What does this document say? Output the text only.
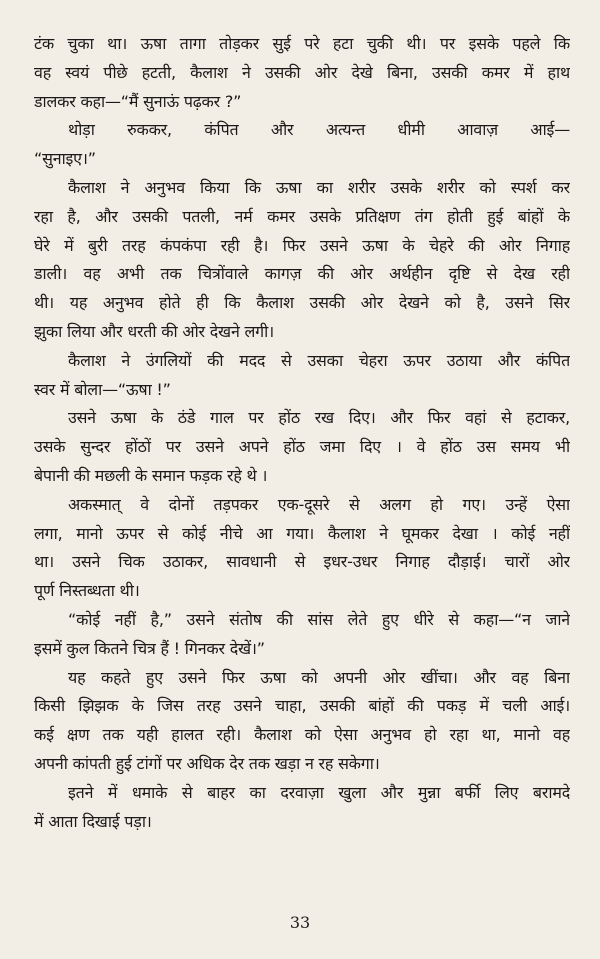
टंक चुका था। ऊषा तागा तोड़कर सुई परे हटा चुकी थी। पर इसके पहले कि
वह स्वयं पीछे हटती, कैलाश ने उसकी ओर देखे बिना, उसकी कमर में हाथ
डालकर कहा—“मैं सुनाऊं पढ़कर ?”
थोड़ा रुककर, कंपित और अत्यन्त धीमी आवाज़ आई—
“सुनाइए।”
कैलाश ने अनुभव किया कि ऊषा का शरीर उसके शरीर को स्पर्श कर
रहा है, और उसकी पतली, नर्म कमर उसके प्रतिक्षण तंग होती हुई बांहों के
घेरे में बुरी तरह कंपकंपा रही है। फिर उसने ऊषा के चेहरे की ओर निगाह
डाली। वह अभी तक चित्रोंवाले कागज़ की ओर अर्थहीन दृष्टि से देख रही
थी। यह अनुभव होते ही कि कैलाश उसकी ओर देखने को है, उसने सिर
झुका लिया और धरती की ओर देखने लगी।
कैलाश ने उंगलियों की मदद से उसका चेहरा ऊपर उठाया और कंपित
स्वर में बोला—“ऊषा !”
उसने ऊषा के ठंडे गाल पर होंठ रख दिए। और फिर वहां से हटाकर,
उसके सुन्दर होंठों पर उसने अपने होंठ जमा दिए । वे होंठ उस समय भी
बेपानी की मछली के समान फड़क रहे थे ।
अकस्मात् वे दोनों तड़पकर एक-दूसरे से अलग हो गए। उन्हें ऐसा
लगा, मानो ऊपर से कोई नीचे आ गया। कैलाश ने घूमकर देखा । कोई नहीं
था। उसने चिक उठाकर, सावधानी से इधर-उधर निगाह दौड़ाई। चारों ओर
पूर्ण निस्तब्धता थी।
“कोई नहीं है,” उसने संतोष की सांस लेते हुए धीरे से कहा—“न जाने
इसमें कुल कितने चित्र हैं ! गिनकर देखें।”
यह कहते हुए उसने फिर ऊषा को अपनी ओर खींचा। और वह बिना
किसी झिझक के जिस तरह उसने चाहा, उसकी बांहों की पकड़ में चली आई।
कई क्षण तक यही हालत रही। कैलाश को ऐसा अनुभव हो रहा था, मानो वह
अपनी कांपती हुई टांगों पर अधिक देर तक खड़ा न रह सकेगा।
इतने में धमाके से बाहर का दरवाज़ा खुला और मुन्ना बर्फी लिए बरामदे
में आता दिखाई पड़ा।
33
